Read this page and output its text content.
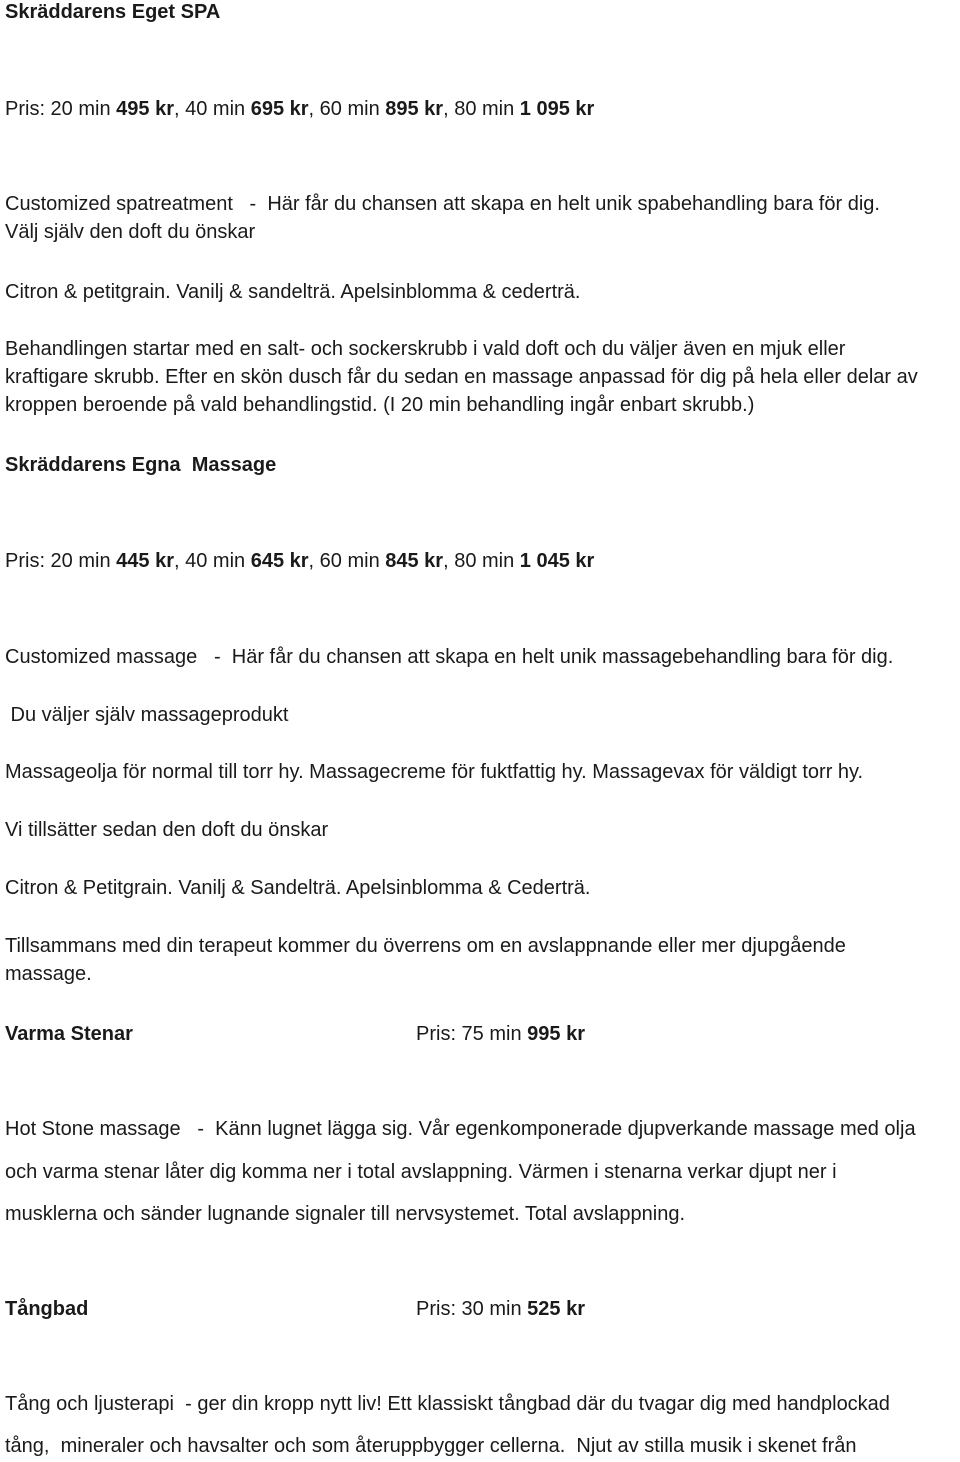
Skräddarens Eget SPA
Pris: 20 min 495 kr, 40 min 695 kr, 60 min 895 kr, 80 min 1 095 kr
Customized spatreatment   -  Här får du chansen att skapa en helt unik spabehandling bara för dig.
Välj själv den doft du önskar
Citron & petitgrain. Vanilj & sandelträ. Apelsinblomma & cederträ.
Behandlingen startar med en salt- och sockerskrubb i vald doft och du väljer även en mjuk eller
kraftigare skrubb. Efter en skön dusch får du sedan en massage anpassad för dig på hela eller delar av
kroppen beroende på vald behandlingstid. (I 20 min behandling ingår enbart skrubb.)
Skräddarens Egna  Massage
Pris: 20 min 445 kr, 40 min 645 kr, 60 min 845 kr, 80 min 1 045 kr
Customized massage   -  Här får du chansen att skapa en helt unik massagebehandling bara för dig.
Du väljer själv massageprodukt
Massageolja för normal till torr hy. Massagecreme för fuktfattig hy. Massagevax för väldigt torr hy.
Vi tillsätter sedan den doft du önskar
Citron & Petitgrain. Vanilj & Sandelträ. Apelsinblomma & Cederträ.
Tillsammans med din terapeut kommer du överrens om en avslappnande eller mer djupgående
massage.
Varma Stenar	Pris: 75 min 995 kr
Hot Stone massage   -  Känn lugnet lägga sig. Vår egenkomponerade djupverkande massage med olja
och varma stenar låter dig komma ner i total avslappning. Värmen i stenarna verkar djupt ner i
musklerna och sänder lugnande signaler till nervsystemet. Total avslappning.
Tångbad	Pris: 30 min 525 kr
Tång och ljusterapi  - ger din kropp nytt liv! Ett klassiskt tångbad där du tvagar dig med handplockad
tång,  mineraler och havsalter och som återuppbygger cellerna.  Njut av stilla musik i skenet från
